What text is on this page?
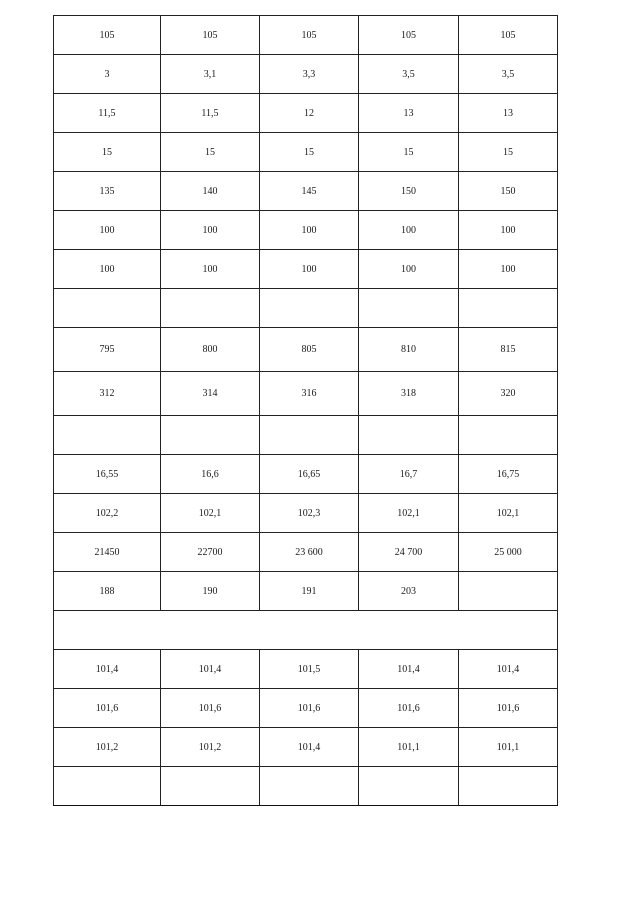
105	105	105	105	105
3	3,1	3,3	3,5	3,5
11,5	11,5	12	13	13
15	15	15	15	15
135	140	145	150	150
100	100	100	100	100
100	100	100	100	100

795	800	805	810	815
312	314	316	318	320

16,55	16,6	16,65	16,7	16,75
102,2	102,1	102,3	102,1	102,1
21450	22700	23 600	24 700	25 000
188	190	191	203	

101,4	101,4	101,5	101,4	101,4
101,6	101,6	101,6	101,6	101,6
101,2	101,2	101,4	101,1	101,1
